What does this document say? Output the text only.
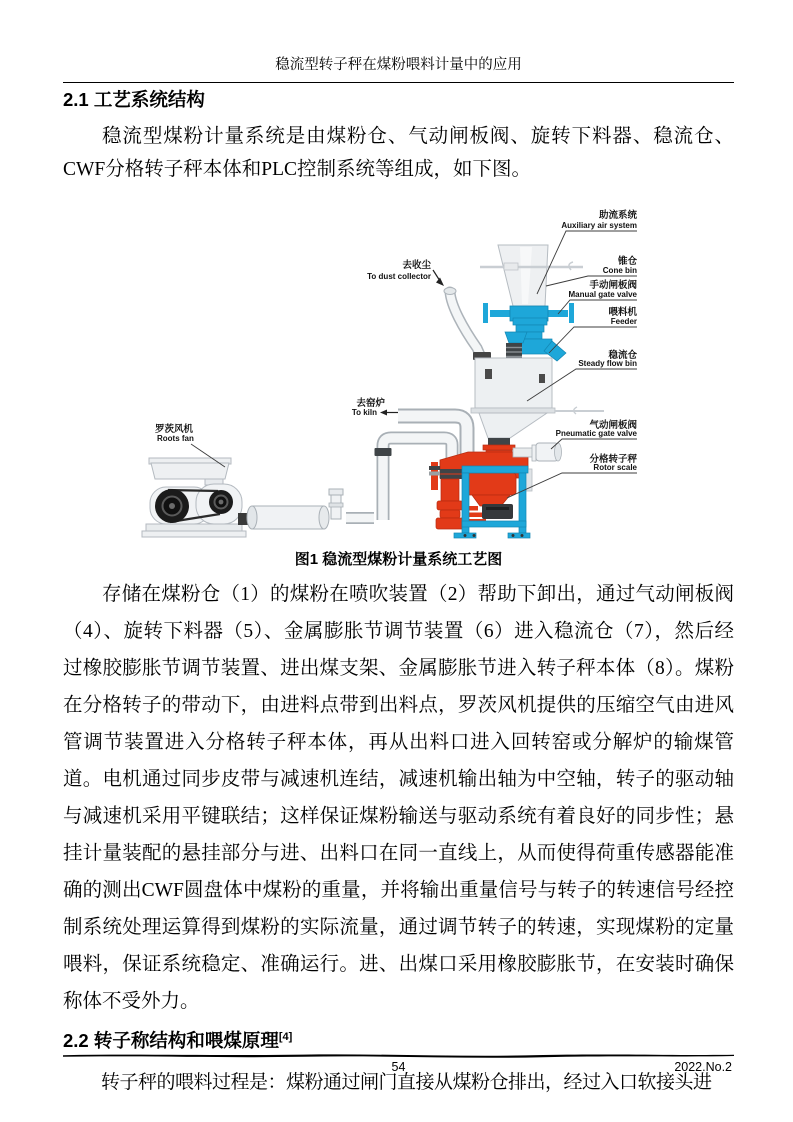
稳流型转子秤在煤粉喂料计量中的应用
2.1 工艺系统结构

稳流型煤粉计量系统是由煤粉仓、气动闸板阀、旋转下料器、稳流仓、CWF分格转子秤本体和PLC控制系统等组成，如下图。

助流系统
Auxiliary air system
锥仓
Cone bin
手动闸板阀
Manual gate valve
喂料机
Feeder
稳流仓
Steady flow bin
气动闸板阀
Pneumatic gate valve
分格转子秤
Rotor scale
去收尘
To dust collector
去窑炉
To kiln
罗茨风机
Roots fan
图1 稳流型煤粉计量系统工艺图

存储在煤粉仓（1）的煤粉在喷吹装置（2）帮助下卸出，通过气动闸板阀（4）、旋转下料器（5）、金属膨胀节调节装置（6）进入稳流仓（7），然后经过橡胶膨胀节调节装置、进出煤支架、金属膨胀节进入转子秤本体（8）。煤粉在分格转子的带动下，由进料点带到出料点，罗茨风机提供的压缩空气由进风管调节装置进入分格转子秤本体，再从出料口进入回转窑或分解炉的输煤管道。电机通过同步皮带与减速机连结，减速机输出轴为中空轴，转子的驱动轴与减速机采用平键联结；这样保证煤粉输送与驱动系统有着良好的同步性；悬挂计量装配的悬挂部分与进、出料口在同一直线上，从而使得荷重传感器能准确的测出CWF圆盘体中煤粉的重量，并将输出重量信号与转子的转速信号经控制系统处理运算得到煤粉的实际流量，通过调节转子的转速，实现煤粉的定量喂料，保证系统稳定、准确运行。进、出煤口采用橡胶膨胀节，在安装时确保称体不受外力。

2.2 转子称结构和喂煤原理[4]

转子秤的喂料过程是：煤粉通过闸门直接从煤粉仓排出，经过入口软接头进

54	2022.No.2
